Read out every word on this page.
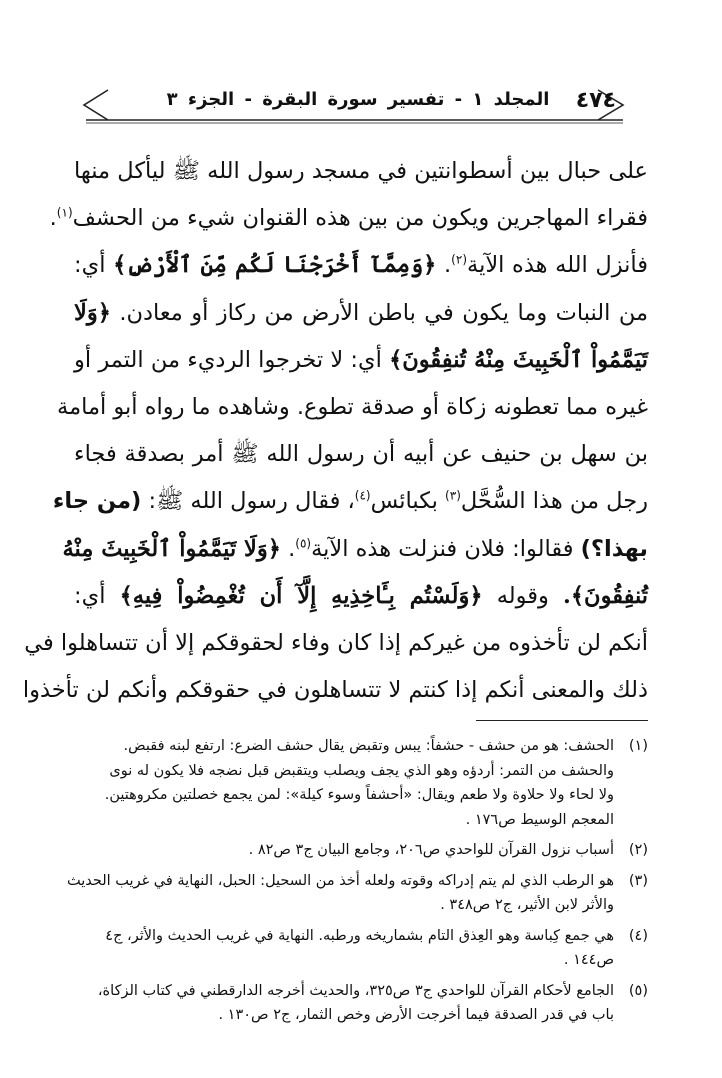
٤٧٤
المجلد ١ - تفسير سورة البقرة - الجزء ٣
على حبال بين أسطوانتين في مسجد رسول الله ﷺ ليأكل منها
فقراء المهاجرين ويكون من بين هذه القنوان شيء من الحشف$^{(١)}$.
فأنزل الله هذه الآية$^{(٢)}$. ﴿وَمِمَّآ أَخْرَجْنَا لَكُم مِّنَ ٱلْأَرْضِ﴾ أي:
من النبات وما يكون في باطن الأرض من ركاز أو معادن. ﴿وَلَا
تَيَمَّمُواْ ٱلْخَبِيثَ مِنْهُ تُنفِقُونَ﴾ أي: لا تخرجوا الرديء من التمر أو
غيره مما تعطونه زكاة أو صدقة تطوع. وشاهده ما رواه أبو أمامة
بن سهل بن حنيف عن أبيه أن رسول الله ﷺ أمر بصدقة فجاء
رجل من هذا السُّحَّل$^{(٣)}$ بكبائس$^{(٤)}$، فقال رسول الله ﷺ: (من جاء
بهذا؟) فقالوا: فلان فنزلت هذه الآية$^{(٥)}$. ﴿وَلَا تَيَمَّمُواْ ٱلْخَبِيثَ مِنْهُ
تُنفِقُونَ﴾. وقوله ﴿وَلَسْتُم بِـَٔاخِذِيهِ إِلَّآ أَن تُغْمِضُواْ فِيهِ﴾ أي:
أنكم لن تأخذوه من غيركم إذا كان وفاء لحقوقكم إلا أن تتساهلوا في
ذلك والمعنى أنكم إذا كنتم لا تتساهلون في حقوقكم وأنكم لن تأخذوا
(١)
الحشف: هو من حشف - حشفاً: يبس وتقبض يقال حشف الضرع: ارتفع لبنه فقبض.
والحشف من التمر: أردؤه وهو الذي يجف ويصلب ويتقبض قبل نضجه فلا يكون له نوى
ولا لحاء ولا حلاوة ولا طعم ويقال: «أحشفاً وسوء كيلة»: لمن يجمع خصلتين مكروهتين.
المعجم الوسيط ص١٧٦ .
(٢)
أسباب نزول القرآن للواحدي ص٢٠٦، وجامع البيان ج٣ ص٨٢ .
(٣)
هو الرطب الذي لم يتم إدراكه وقوته ولعله أخذ من السحيل: الحبل، النهاية في غريب الحديث
والأثر لابن الأثير، ج٢ ص٣٤٨ .
(٤)
هي جمع كِباسة وهو العِذق التام بشماريخه ورطبه. النهاية في غريب الحديث والأثر، ج٤
ص١٤٤ .
(٥)
الجامع لأحكام القرآن للواحدي ج٣ ص٣٢٥، والحديث أخرجه الدارقطني في كتاب الزكاة،
باب في قدر الصدقة فيما أخرجت الأرض وخص الثمار، ج٢ ص١٣٠ .
